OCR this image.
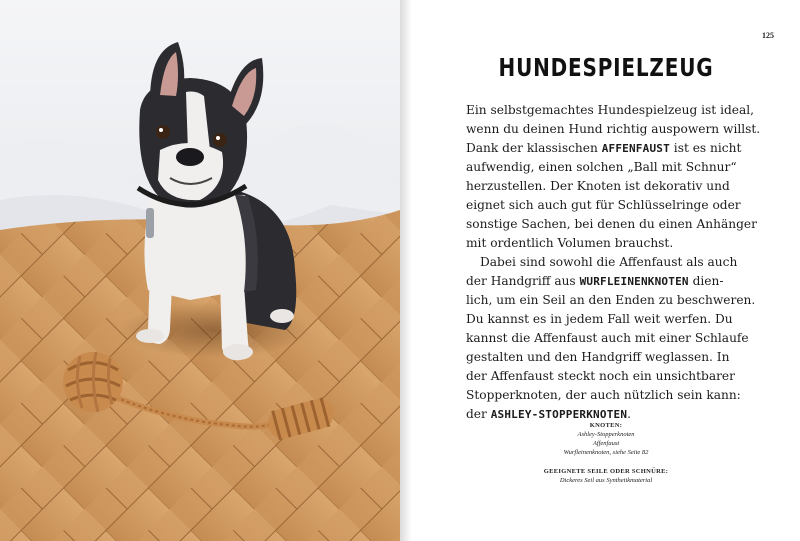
125
HUNDESPIELZEUG

Ein selbstgemachtes Hundespielzeug ist ideal,
wenn du deinen Hund richtig auspowern willst.
Dank der klassischen AFFENFAUST ist es nicht
aufwendig, einen solchen „Ball mit Schnur“
herzustellen. Der Knoten ist dekorativ und
eignet sich auch gut für Schlüsselringe oder
sonstige Sachen, bei denen du einen Anhänger
mit ordentlich Volumen brauchst.
Dabei sind sowohl die Affenfaust als auch
der Handgriff aus WURFLEINENKNOTEN dien-
lich, um ein Seil an den Enden zu beschweren.
Du kannst es in jedem Fall weit werfen. Du
kannst die Affenfaust auch mit einer Schlaufe
gestalten und den Handgriff weglassen. In
der Affenfaust steckt noch ein unsichtbarer
Stopperknoten, der auch nützlich sein kann:
der ASHLEY-STOPPERKNOTEN.

KNOTEN:
Ashley-Stopperknoten
Affenfaust
Wurfleinenknoten, siehe Seite 82
GEEIGNETE SEILE ODER SCHNÜRE:
Dickeres Seil aus Synthetikmaterial
